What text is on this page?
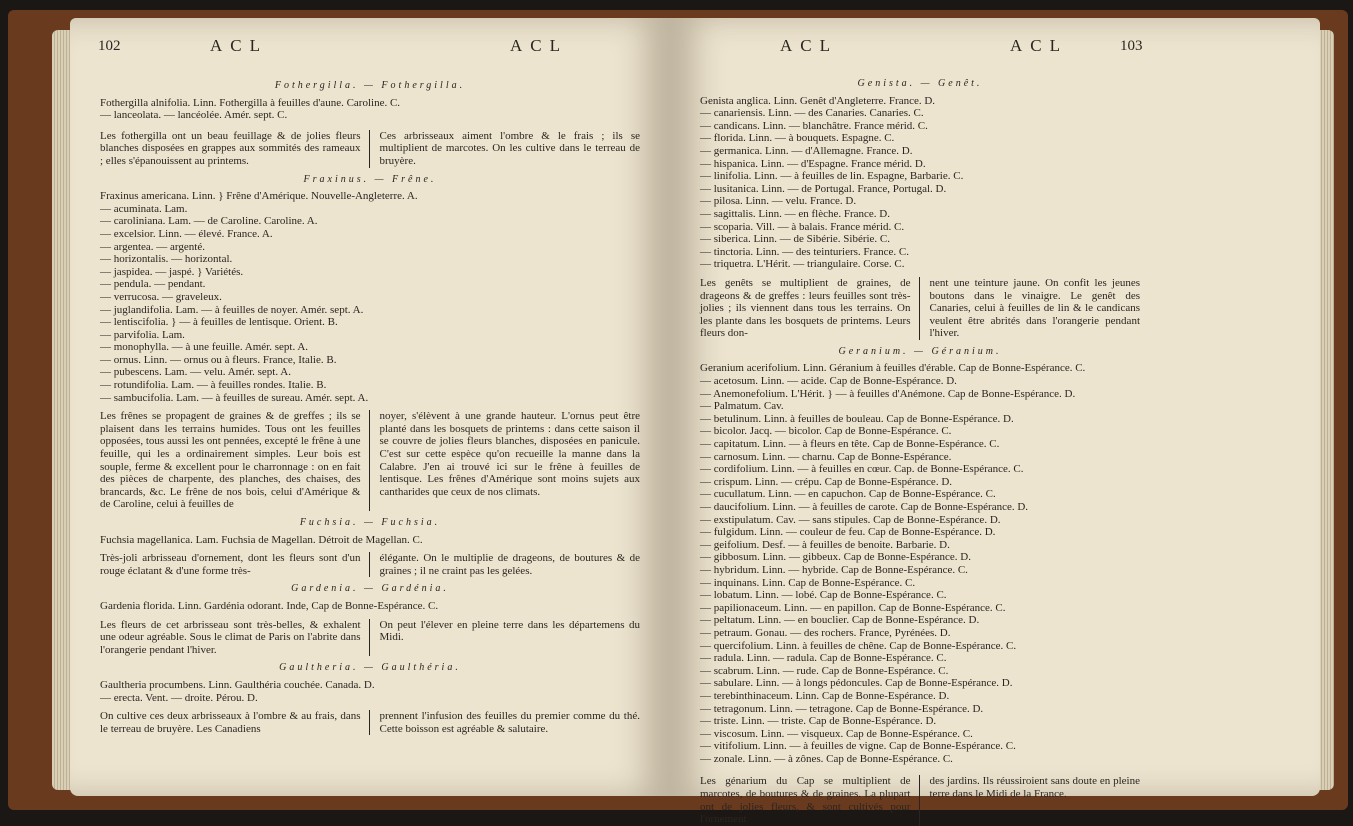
102	ACL	ACL
Fothergilla. — Fothergilla.
Fothergilla alnifolia. Linn. Fothergilla à feuilles d'aune. Caroline. C.
— lanceolata. — lancéolée. Amér. sept. C.
Les fothergilla ont un beau feuillage & de jolies fleurs blanches disposées en grappes aux sommités des rameaux ; elles s'épanouissent au printems.
Ces arbrisseaux aiment l'ombre & le frais ; ils se multiplient de marcotes. On les cultive dans le terreau de bruyère.
Fraxinus. — Frêne.
Fraxinus americana. Linn. } Frêne d'Amérique. Nouvelle-Angleterre. A.
— acuminata. Lam.
— caroliniana. Lam. — de Caroline. Caroline. A.
— excelsior. Linn. — élevé. France. A.
— argentea. — argenté.
— horizontalis. — horizontal.
— jaspidea. — jaspé. } Variétés.
— pendula. — pendant.
— verrucosa. — graveleux.
— juglandifolia. Lam. — à feuilles de noyer. Amér. sept. A.
— lentiscifolia. } — à feuilles de lentisque. Orient. B.
— parvifolia. Lam.
— monophylla. — à une feuille. Amér. sept. A.
— ornus. Linn. — ornus ou à fleurs. France, Italie. B.
— pubescens. Lam. — velu. Amér. sept. A.
— rotundifolia. Lam. — à feuilles rondes. Italie. B.
— sambucifolia. Lam. — à feuilles de sureau. Amér. sept. A.
Les frênes se propagent de graines & de greffes ; ils se plaisent dans les terrains humides. Tous ont les feuilles opposées, tous aussi les ont pennées, excepté le frêne à une feuille, qui les a ordinairement simples. Leur bois est souple, ferme & excellent pour le charronnage : on en fait des pièces de charpente, des planches, des chaises, des brancards, &c. Le frêne de nos bois, celui d'Amérique & de Caroline, celui à feuilles de
noyer, s'élèvent à une grande hauteur. L'ornus peut être planté dans les bosquets de printems : dans cette saison il se couvre de jolies fleurs blanches, disposées en panicule. C'est sur cette espèce qu'on recueille la manne dans la Calabre. J'en ai trouvé ici sur le frêne à feuilles de lentisque. Les frênes d'Amérique sont moins sujets aux cantharides que ceux de nos climats.
Fuchsia. — Fuchsia.
Fuchsia magellanica. Lam. Fuchsia de Magellan. Détroit de Magellan. C.
Très-joli arbrisseau d'ornement, dont les fleurs sont d'un rouge éclatant & d'une forme très-
élégante. On le multiplie de drageons, de boutures & de graines ; il ne craint pas les gelées.
Gardenia. — Gardénia.
Gardenia florida. Linn. Gardénia odorant. Inde, Cap de Bonne-Espérance. C.
Les fleurs de cet arbrisseau sont très-belles, & exhalent une odeur agréable. Sous le climat de Paris on l'abrite dans l'orangerie pendant l'hiver.
On peut l'élever en pleine terre dans les départemens du Midi.
Gaultheria. — Gaulthéria.
Gaultheria procumbens. Linn. Gaulthéria couchée. Canada. D.
— erecta. Vent. — droite. Pérou. D.
On cultive ces deux arbrisseaux à l'ombre & au frais, dans le terreau de bruyère. Les Canadiens
prennent l'infusion des feuilles du premier comme du thé. Cette boisson est agréable & salutaire.
ACL	ACL	103
Genista. — Genêt.
Genista anglica. Linn. Genêt d'Angleterre. France. D.
— canariensis. Linn. — des Canaries. Canaries. C.
— candicans. Linn. — blanchâtre. France mérid. C.
— florida. Linn. — à bouquets. Espagne. C.
— germanica. Linn. — d'Allemagne. France. D.
— hispanica. Linn. — d'Espagne. France mérid. D.
— linifolia. Linn. — à feuilles de lin. Espagne, Barbarie. C.
— lusitanica. Linn. — de Portugal. France, Portugal. D.
— pilosa. Linn. — velu. France. D.
— sagittalis. Linn. — en flèche. France. D.
— scoparia. Vill. — à balais. France mérid. C.
— siberica. Linn. — de Sibérie. Sibérie. C.
— tinctoria. Linn. — des teinturiers. France. C.
— triquetra. L'Hérit. — triangulaire. Corse. C.
Les genêts se multiplient de graines, de drageons & de greffes : leurs feuilles sont très-jolies ; ils viennent dans tous les terrains. On les plante dans les bosquets de printems. Leurs fleurs don-
nent une teinture jaune. On confit les jeunes boutons dans le vinaigre. Le genêt des Canaries, celui à feuilles de lin & le candicans veulent être abrités dans l'orangerie pendant l'hiver.
Geranium. — Géranium.
Geranium acerifolium. Linn. Géranium à feuilles d'érable. Cap de Bonne-Espérance. C.
— acetosum. Linn. — acide. Cap de Bonne-Espérance. D.
— Anemonefolium. L'Hérit. } — à feuilles d'Anémone. Cap de Bonne-Espérance. D.
— Palmatum. Cav.
— betulinum. Linn. à feuilles de bouleau. Cap de Bonne-Espérance. D.
— bicolor. Jacq. — bicolor. Cap de Bonne-Espérance. C.
— capitatum. Linn. — à fleurs en tête. Cap de Bonne-Espérance. C.
— carnosum. Linn. — charnu. Cap de Bonne-Espérance.
— cordifolium. Linn. — à feuilles en cœur. Cap. de Bonne-Espérance. C.
— crispum. Linn. — crépu. Cap de Bonne-Espérance. D.
— cucullatum. Linn. — en capuchon. Cap de Bonne-Espérance. C.
— daucifolium. Linn. — à feuilles de carote. Cap de Bonne-Espérance. D.
— exstipulatum. Cav. — sans stipules. Cap de Bonne-Espérance. D.
— fulgidum. Linn. — couleur de feu. Cap de Bonne-Espérance. D.
— geifolium. Desf. — à feuilles de benoite. Barbarie. D.
— gibbosum. Linn. — gibbeux. Cap de Bonne-Espérance. D.
— hybridum. Linn. — hybride. Cap de Bonne-Espérance. C.
— inquinans. Linn. Cap de Bonne-Espérance. C.
— lobatum. Linn. — lobé. Cap de Bonne-Espérance. C.
— papilionaceum. Linn. — en papillon. Cap de Bonne-Espérance. C.
— peltatum. Linn. — en bouclier. Cap de Bonne-Espérance. D.
— petraum. Gonau. — des rochers. France, Pyrénées. D.
— quercifolium. Linn. à feuilles de chêne. Cap de Bonne-Espérance. C.
— radula. Linn. — radula. Cap de Bonne-Espérance. C.
— scabrum. Linn. — rude. Cap de Bonne-Espérance. C.
— sabulare. Linn. — à longs pédoncules. Cap de Bonne-Espérance. D.
— terebinthinaceum. Linn. Cap de Bonne-Espérance. D.
— tetragonum. Linn. — tetragone. Cap de Bonne-Espérance. D.
— triste. Linn. — triste. Cap de Bonne-Espérance. D.
— viscosum. Linn. — visqueux. Cap de Bonne-Espérance. C.
— vitifolium. Linn. — à feuilles de vigne. Cap de Bonne-Espérance. C.
— zonale. Linn. — à zônes. Cap de Bonne-Espérance. C.
Les génarium du Cap se multiplient de marcotes, de boutures & de graines. La plupart ont de jolies fleurs, & sont cultivés pour l'ornement
des jardins. Ils réussiroient sans doute en pleine terre dans le Midi de la France.
